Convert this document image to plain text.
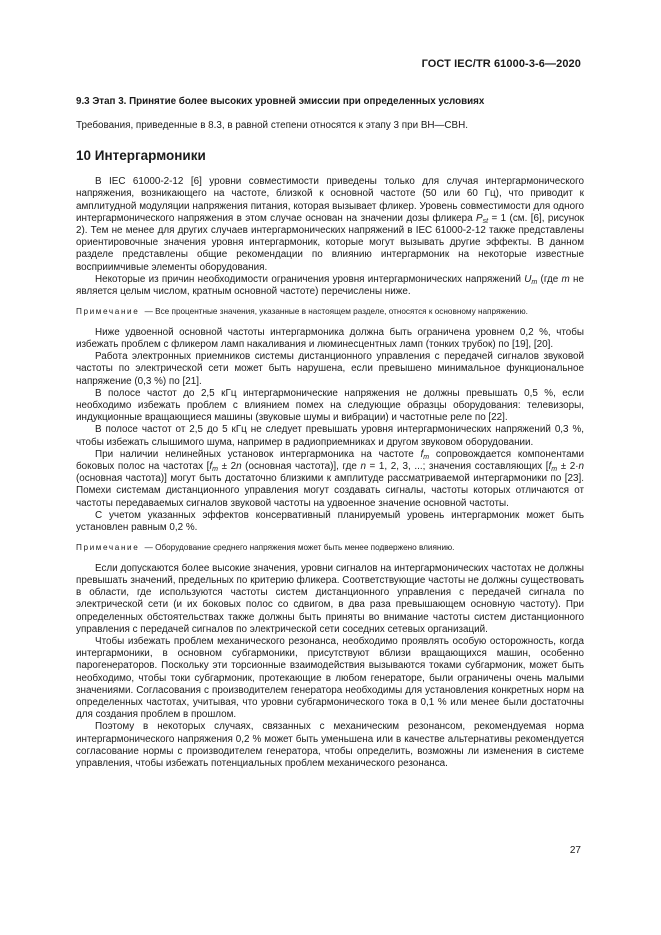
ГОСТ IEC/TR 61000-3-6—2020
9.3 Этап 3. Принятие более высоких уровней эмиссии при определенных условиях

Требования, приведенные в 8.3, в равной степени относятся к этапу 3 при ВН—СВН.

10 Интергармоники

В IEC 61000-2-12 [6] уровни совместимости приведены только для случая интергармонического напряжения, возникающего на частоте, близкой к основной частоте (50 или 60 Гц), что приводит к амплитудной модуляции напряжения питания, которая вызывает фликер. Уровень совместимости для одного интергармонического напряжения в этом случае основан на значении дозы фликера $P_{st} = 1$ (см. [6], рисунок 2). Тем не менее для других случаев интергармонических напряжений в IEC 61000-2-12 также представлены ориентировочные значения уровня интергармоник, которые могут вызывать другие эффекты. В данном разделе представлены общие рекомендации по влиянию интергармоник на некоторые известные восприимчивые элементы оборудования.

Некоторые из причин необходимости ограничения уровня интергармонических напряжений $U_m$ (где m не является целым числом, кратным основной частоте) перечислены ниже.

Примечание — Все процентные значения, указанные в настоящем разделе, относятся к основному напряжению.

Ниже удвоенной основной частоты интергармоника должна быть ограничена уровнем 0,2 %, чтобы избежать проблем с фликером ламп накаливания и люминесцентных ламп (тонких трубок) по [19], [20].

Работа электронных приемников системы дистанционного управления с передачей сигналов звуковой частоты по электрической сети может быть нарушена, если превышено минимальное функциональное напряжение (0,3 %) по [21].

В полосе частот до 2,5 кГц интергармонические напряжения не должны превышать 0,5 %, если необходимо избежать проблем с влиянием помех на следующие образцы оборудования: телевизоры, индукционные вращающиеся машины (звуковые шумы и вибрации) и частотные реле по [22].

В полосе частот от 2,5 до 5 кГц не следует превышать уровня интергармонических напряжений 0,3 %, чтобы избежать слышимого шума, например в радиоприемниках и другом звуковом оборудовании.

При наличии нелинейных установок интергармоника на частоте $f_m$ сопровождается компонентами боковых полос на частотах [$f_m \pm 2n$ (основная частота)], где n = 1, 2, 3, ...; значения составляющих [$f_m \pm 2\cdot n$ (основная частота)] могут быть достаточно близкими к амплитуде рассматриваемой интергармоники по [23]. Помехи системам дистанционного управления могут создавать сигналы, частоты которых отличаются от частоты передаваемых сигналов звуковой частоты на удвоенное значение основной частоты.

С учетом указанных эффектов консервативный планируемый уровень интергармоник может быть установлен равным 0,2 %.

Примечание — Оборудование среднего напряжения может быть менее подвержено влиянию.

Если допускаются более высокие значения, уровни сигналов на интергармонических частотах не должны превышать значений, предельных по критерию фликера. Соответствующие частоты не должны существовать в области, где используются частоты систем дистанционного управления с передачей сигнала по электрической сети (и их боковых полос со сдвигом, в два раза превышающем основную частоту). При определенных обстоятельствах также должны быть приняты во внимание частоты систем дистанционного управления с передачей сигналов по электрической сети соседних сетевых организаций.

Чтобы избежать проблем механического резонанса, необходимо проявлять особую осторожность, когда интергармоники, в основном субгармоники, присутствуют вблизи вращающихся машин, особенно парогенераторов. Поскольку эти торсионные взаимодействия вызываются токами субгармоник, может быть необходимо, чтобы токи субгармоник, протекающие в любом генераторе, были ограничены очень малыми значениями. Согласования с производителем генератора необходимы для установления конкретных норм на определенных частотах, учитывая, что уровни субгармонического тока в 0,1 % или менее были достаточны для создания проблем в прошлом.

Поэтому в некоторых случаях, связанных с механическим резонансом, рекомендуемая норма интергармонического напряжения 0,2 % может быть уменьшена или в качестве альтернативы рекомендуется согласование нормы с производителем генератора, чтобы определить, возможны ли изменения в системе управления, чтобы избежать потенциальных проблем механического резонанса.

27
